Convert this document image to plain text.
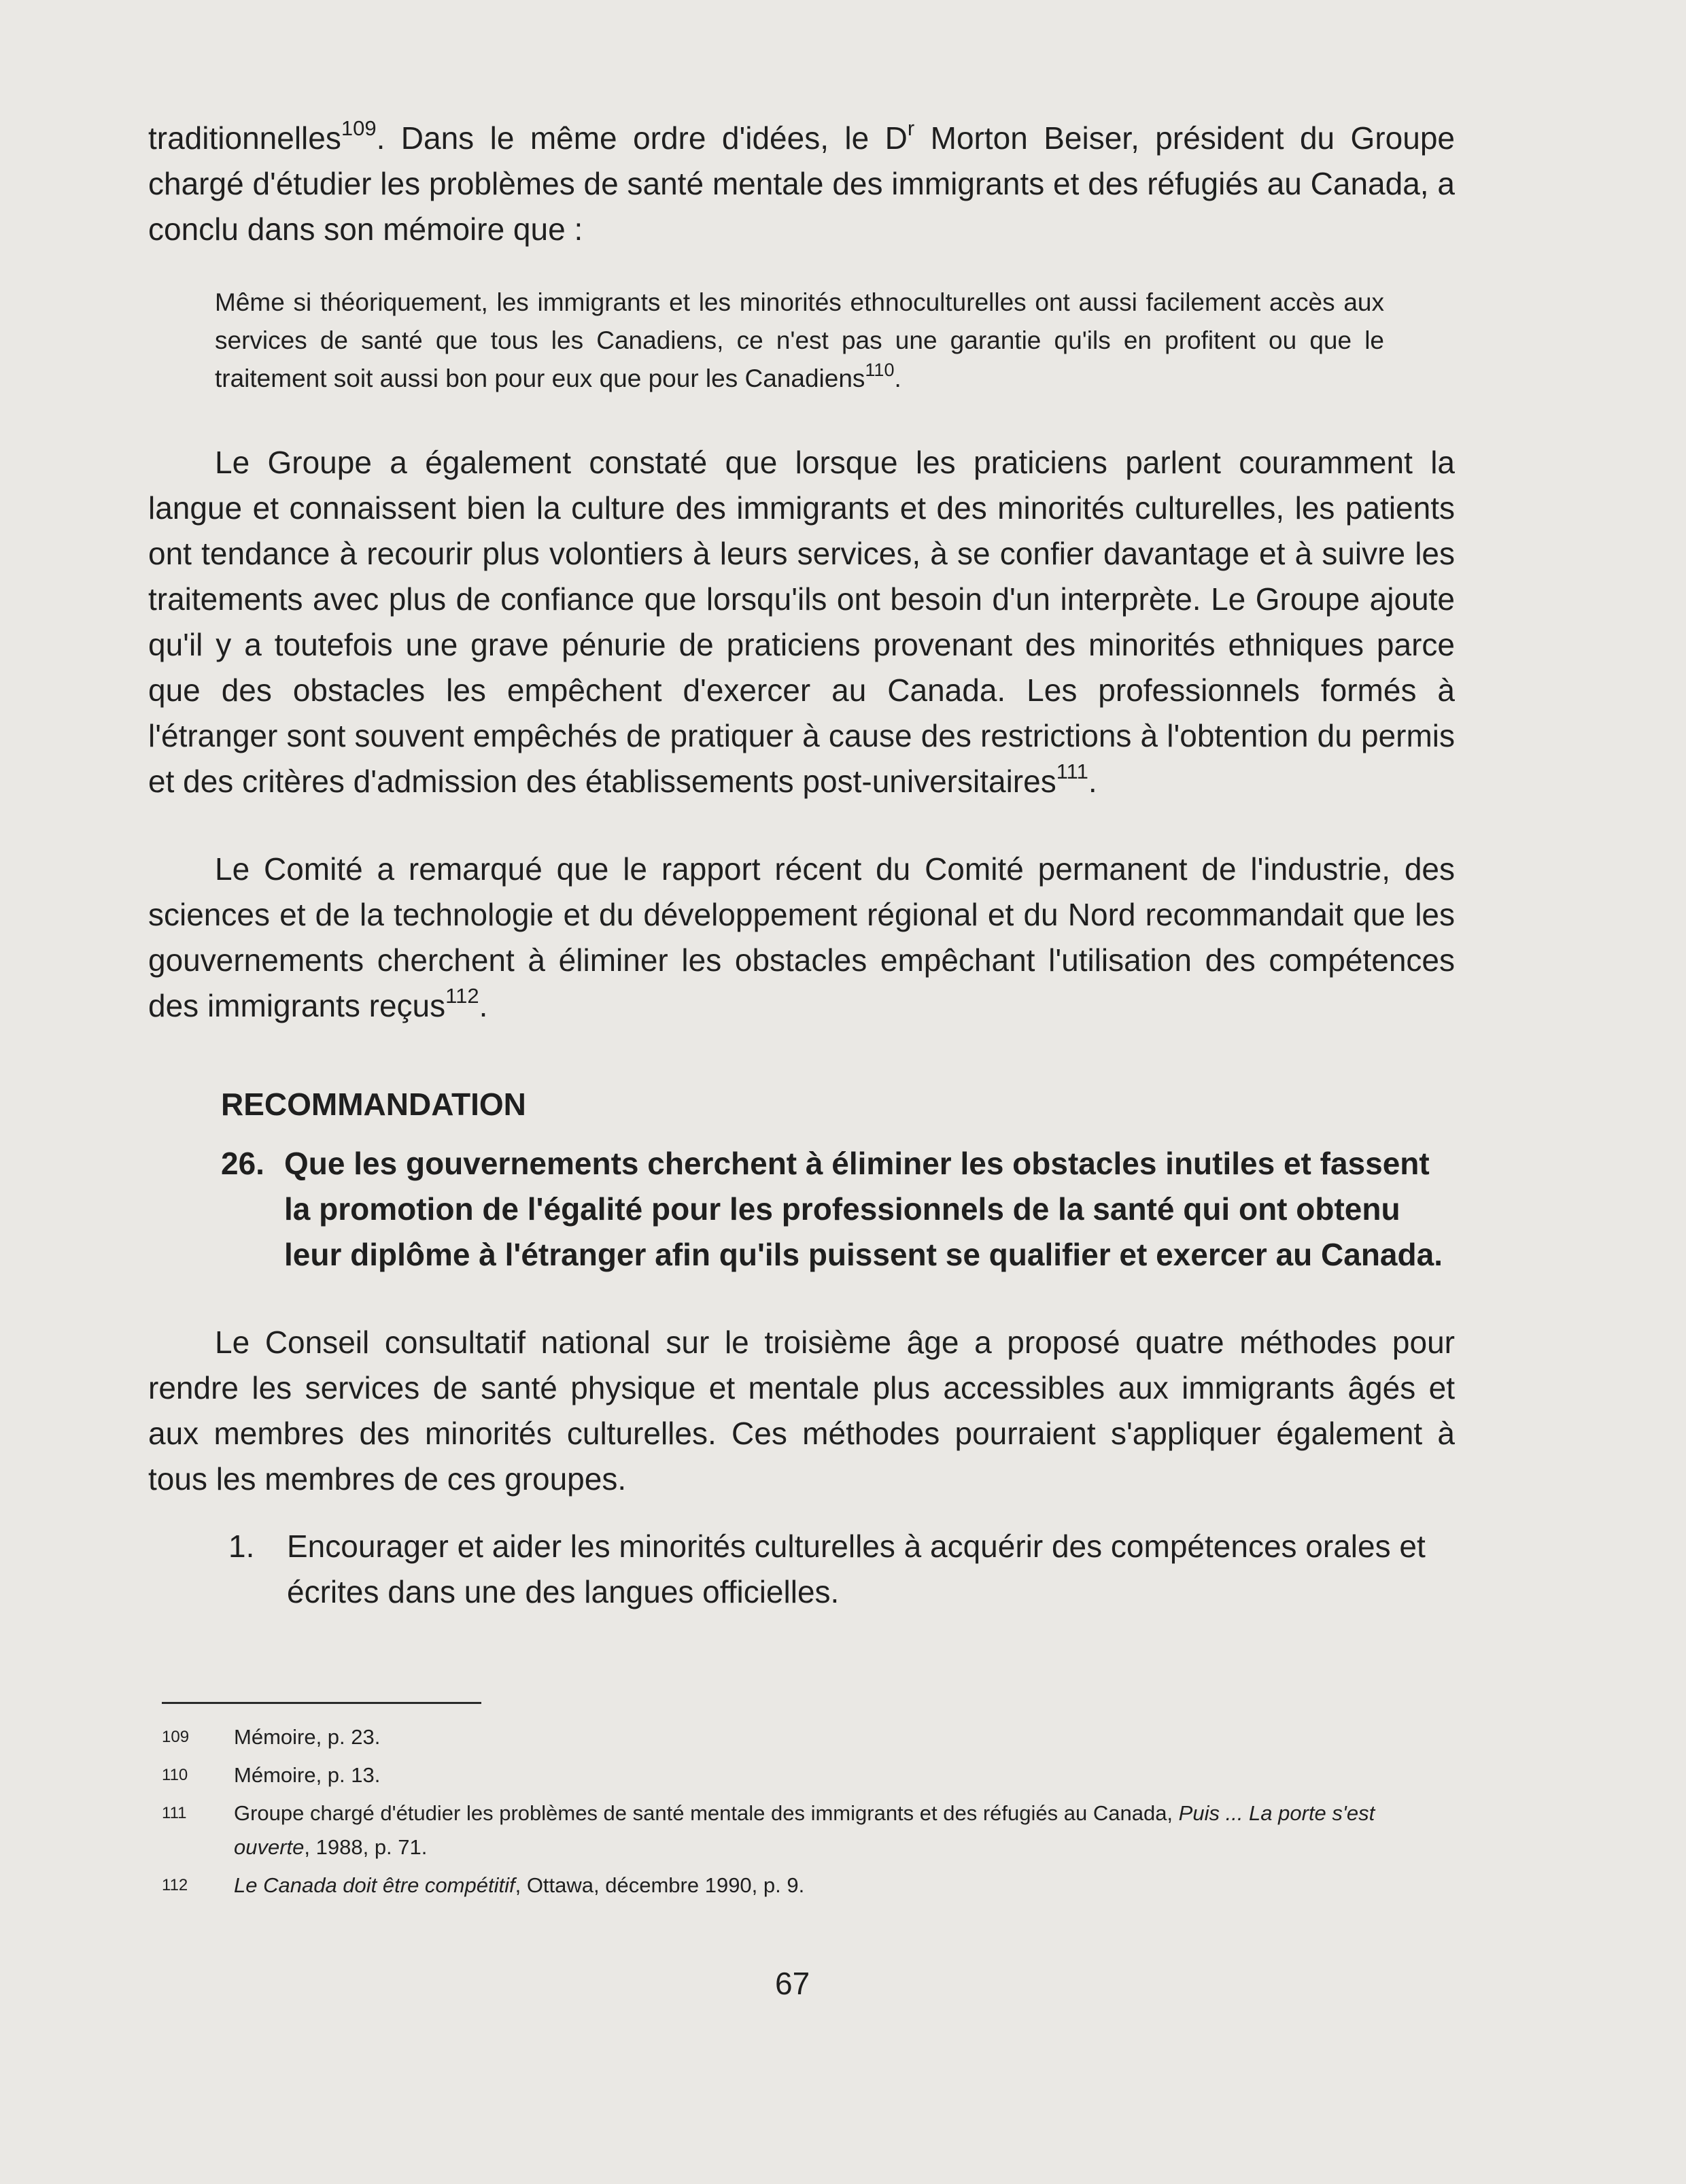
traditionnelles$^{109}$. Dans le même ordre d'idées, le $D^r$ Morton Beiser, président du Groupe chargé d'étudier les problèmes de santé mentale des immigrants et des réfugiés au Canada, a conclu dans son mémoire que :

Même si théoriquement, les immigrants et les minorités ethnoculturelles ont aussi facilement accès aux services de santé que tous les Canadiens, ce n'est pas une garantie qu'ils en profitent ou que le traitement soit aussi bon pour eux que pour les Canadiens$^{110}$.

Le Groupe a également constaté que lorsque les praticiens parlent couramment la langue et connaissent bien la culture des immigrants et des minorités culturelles, les patients ont tendance à recourir plus volontiers à leurs services, à se confier davantage et à suivre les traitements avec plus de confiance que lorsqu'ils ont besoin d'un interprète. Le Groupe ajoute qu'il y a toutefois une grave pénurie de praticiens provenant des minorités ethniques parce que des obstacles les empêchent d'exercer au Canada. Les professionnels formés à l'étranger sont souvent empêchés de pratiquer à cause des restrictions à l'obtention du permis et des critères d'admission des établissements post-universitaires$^{111}$.

Le Comité a remarqué que le rapport récent du Comité permanent de l'industrie, des sciences et de la technologie et du développement régional et du Nord recommandait que les gouvernements cherchent à éliminer les obstacles empêchant l'utilisation des compétences des immigrants reçus$^{112}$.

RECOMMANDATION

26. Que les gouvernements cherchent à éliminer les obstacles inutiles et fassent la promotion de l'égalité pour les professionnels de la santé qui ont obtenu leur diplôme à l'étranger afin qu'ils puissent se qualifier et exercer au Canada.

Le Conseil consultatif national sur le troisième âge a proposé quatre méthodes pour rendre les services de santé physique et mentale plus accessibles aux immigrants âgés et aux membres des minorités culturelles. Ces méthodes pourraient s'appliquer également à tous les membres de ces groupes.

1. Encourager et aider les minorités culturelles à acquérir des compétences orales et écrites dans une des langues officielles.

109 Mémoire, p. 23.
110 Mémoire, p. 13.
111 Groupe chargé d'étudier les problèmes de santé mentale des immigrants et des réfugiés au Canada, Puis ... La porte s'est ouverte, 1988, p. 71.
112 Le Canada doit être compétitif, Ottawa, décembre 1990, p. 9.
67
